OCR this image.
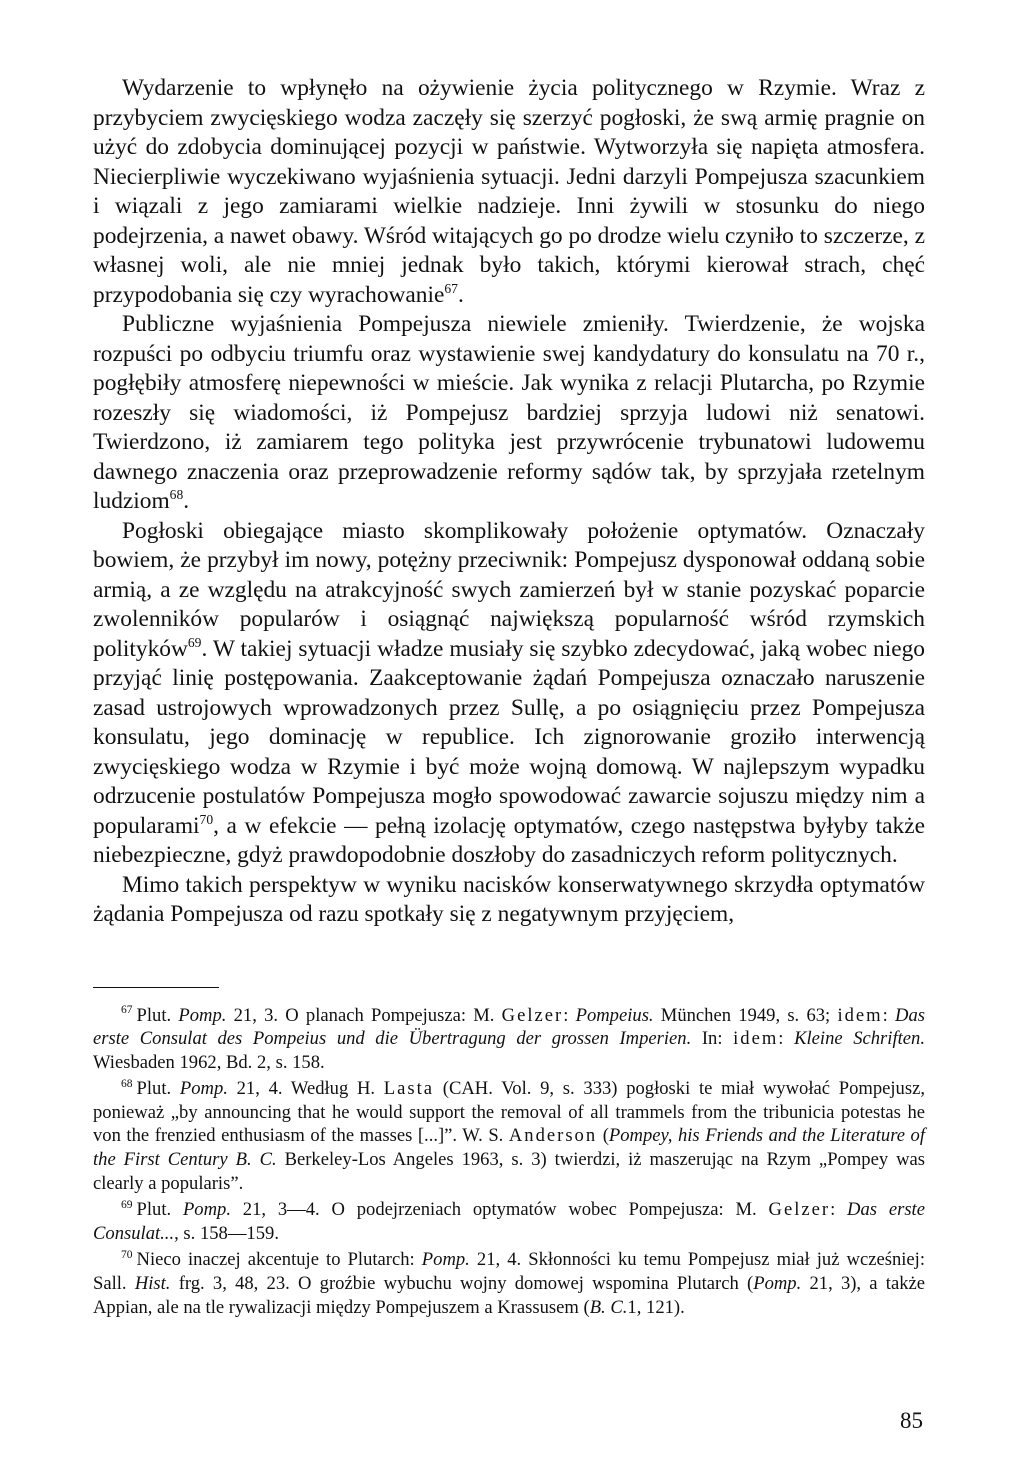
Wydarzenie to wpłynęło na ożywienie życia politycznego w Rzymie. Wraz z przybyciem zwycięskiego wodza zaczęły się szerzyć pogłoski, że swą armię pragnie on użyć do zdobycia dominującej pozycji w państwie. Wytworzyła się napięta atmosfera. Niecierpliwie wyczekiwano wyjaśnienia sytuacji. Jedni darzyli Pompejusza szacunkiem i wiązali z jego zamiarami wielkie nadzieje. Inni żywili w stosunku do niego podejrzenia, a nawet obawy. Wśród witających go po drodze wielu czyniło to szczerze, z własnej woli, ale nie mniej jednak było takich, którymi kierował strach, chęć przypodobania się czy wyrachowanie$^{67}$.

Publiczne wyjaśnienia Pompejusza niewiele zmieniły. Twierdzenie, że wojska rozpuści po odbyciu triumfu oraz wystawienie swej kandydatury do konsulatu na 70 r., pogłębiły atmosferę niepewności w mieście. Jak wynika z relacji Plutarcha, po Rzymie rozeszły się wiadomości, iż Pompejusz bardziej sprzyja ludowi niż senatowi. Twierdzono, iż zamiarem tego polityka jest przywrócenie trybunatowi ludowemu dawnego znaczenia oraz przeprowadzenie reformy sądów tak, by sprzyjała rzetelnym ludziom$^{68}$.

Pogłoski obiegające miasto skomplikowały położenie optymatów. Oznaczały bowiem, że przybył im nowy, potężny przeciwnik: Pompejusz dysponował oddaną sobie armią, a ze względu na atrakcyjność swych zamierzeń był w stanie pozyskać poparcie zwolenników popularów i osiągnąć największą popularność wśród rzymskich polityków$^{69}$. W takiej sytuacji władze musiały się szybko zdecydować, jaką wobec niego przyjąć linię postępowania. Zaakceptowanie żądań Pompejusza oznaczało naruszenie zasad ustrojowych wprowadzonych przez Sullę, a po osiągnięciu przez Pompejusza konsulatu, jego dominację w republice. Ich zignorowanie groziło interwencją zwycięskiego wodza w Rzymie i być może wojną domową. W najlepszym wypadku odrzucenie postulatów Pompejusza mogło spowodować zawarcie sojuszu między nim a popularami$^{70}$, a w efekcie — pełną izolację optymatów, czego następstwa byłyby także niebezpieczne, gdyż prawdopodobnie doszłoby do zasadniczych reform politycznych.

Mimo takich perspektyw w wyniku nacisków konserwatywnego skrzydła optymatów żądania Pompejusza od razu spotkały się z negatywnym przyjęciem,

$^{67}$ Plut. Pomp. 21, 3. O planach Pompejusza: M. Gelzer: Pompeius. München 1949, s. 63; idem: Das erste Consulat des Pompeius und die Übertragung der grossen Imperien. In: idem: Kleine Schriften. Wiesbaden 1962, Bd. 2, s. 158.

$^{68}$ Plut. Pomp. 21, 4. Według H. Lasta (CAH. Vol. 9, s. 333) pogłoski te miał wywołać Pompejusz, ponieważ „by announcing that he would support the removal of all trammels from the tribunicia potestas he von the frenzied enthusiasm of the masses [...]”. W. S. Anderson (Pompey, his Friends and the Literature of the First Century B. C. Berkeley-Los Angeles 1963, s. 3) twierdzi, iż maszerując na Rzym „Pompey was clearly a popularis”.

$^{69}$ Plut. Pomp. 21, 3—4. O podejrzeniach optymatów wobec Pompejusza: M. Gelzer: Das erste Consulat..., s. 158—159.

$^{70}$ Nieco inaczej akcentuje to Plutarch: Pomp. 21, 4. Skłonności ku temu Pompejusz miał już wcześniej: Sall. Hist. frg. 3, 48, 23. O groźbie wybuchu wojny domowej wspomina Plutarch (Pomp. 21, 3), a także Appian, ale na tle rywalizacji między Pompejuszem a Krassusem (B. C.1, 121).

85
